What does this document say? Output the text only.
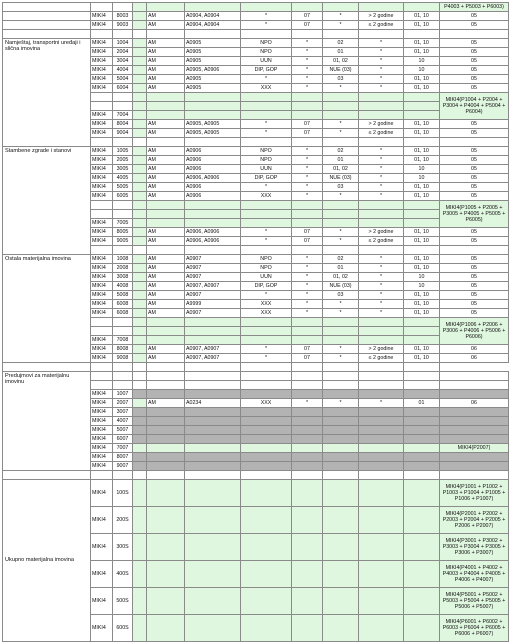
											P4003 + P5003 + P6003)
	MIKI4	8003		AM	A0904, A0904	*	07	*	> 2 godine	01, 10	05
	MIKI4	9003		AM	A0904, A0904	*	07	*	≤ 2 godine	01, 10	05

Namještaj, transportni uređaji i slična imovina	MIKI4	1004		AM	A0905	NPO	*	02	*	01, 10	05
	MIKI4	2004		AM	A0905	NPO	*	01	*	01, 10	05
	MIKI4	3004		AM	A0905	UUN	*	01, 02	*	10	05
	MIKI4	4004		AM	A0905, A0906	DIP, GOP	*	NUE (03)	*	10	05
	MIKI4	5004		AM	A0905	*	*	03	*	01, 10	05
	MIKI4	6004		AM	A0905	XXX	*	*	*	01, 10	05
											MIKI4(P1004 + P2004 + P3004 + P4004 + P5004 + P6004)

	MIKI4	7004									
	MIKI4	8004		AM	A0905, A0905	*	07	*	> 2 godine	01, 10	05
	MIKI4	9004		AM	A0905, A0905	*	07	*	≤ 2 godine	01, 10	05

Stambene zgrade i stanovi	MIKI4	1005		AM	A0906	NPO	*	02	*	01, 10	05
	MIKI4	2005		AM	A0906	NPO	*	01	*	01, 10	05
	MIKI4	3005		AM	A0906	UUN	*	01, 02	*	10	05
	MIKI4	4005		AM	A0906, A0906	DIP, GOP	*	NUE (03)	*	10	05
	MIKI4	5005		AM	A0906	*	*	03	*	01, 10	05
	MIKI4	6005		AM	A0906	XXX	*	*	*	01, 10	05
											MIKI4(P1005 + P2005 + P3005 + P4005 + P5005 + P6005)

	MIKI4	7005									
	MIKI4	8005		AM	A0906, A0906	*	07	*	> 2 godine	01, 10	05
	MIKI4	9005		AM	A0906, A0906	*	07	*	≤ 2 godine	01, 10	05

Ostala materijalna imovina	MIKI4	1008		AM	A0907	NPO	*	02	*	01, 10	05
	MIKI4	2008		AM	A0907	NPO	*	01	*	01, 10	05
	MIKI4	3008		AM	A0907	UUN	*	01, 02	*	10	05
	MIKI4	4008		AM	A0907, A0907	DIP, GOP	*	NUE (03)	*	10	05
	MIKI4	5008		AM	A0907	*	*	03	*	01, 10	05
	MIKI4	6008		AM	A9999	XXX	*	*	*	01, 10	05
	MIKI4	6008		AM	A0907	XXX	*	*	*	01, 10	05
											MIKI4(P1006 + P2006 + P3006 + P4006 + P5006 + P6006)

	MIKI4	7008									
	MIKI4	8008		AM	A0907, A0907	*	07	*	> 2 godine	01, 10	06
	MIKI4	9008		AM	A0907, A0907	*	07	*	≤ 2 godine	01, 10	06

Predujmovi za materijalnu imovinu											

	MIKI4	1007									
	MIKI4	2007		AM	A0234	XXX	*	*	*	01	06
	MIKI4	3007									
	MIKI4	4007									
	MIKI4	5007									
	MIKI4	6007									
	MIKI4	7007									MIKI4(P2007)
	MIKI4	8007									
	MIKI4	9007									

Ukupno materijalna imovina	MIKI4	100S									MIKI4(P1001 + P1002 + P1003 + P1004 + P1005 + P1006 + P1007)
	MIKI4	200S									MIKI4(P2001 + P2002 + P2003 + P2004 + P2005 + P2006 + P2007)
	MIKI4	300S									MIKI4(P3001 + P3002 + P3003 + P3004 + P3005 + P3006 + P3007)
	MIKI4	400S									MIKI4(P4001 + P4002 + P4003 + P4004 + P4005 + P4006 + P4007)
	MIKI4	500S									MIKI4(P5001 + P5002 + P5003 + P5004 + P5005 + P5006 + P5007)
	MIKI4	600S									MIKI4(P6001 + P6002 + P6003 + P6004 + P6005 + P6006 + P6007)
